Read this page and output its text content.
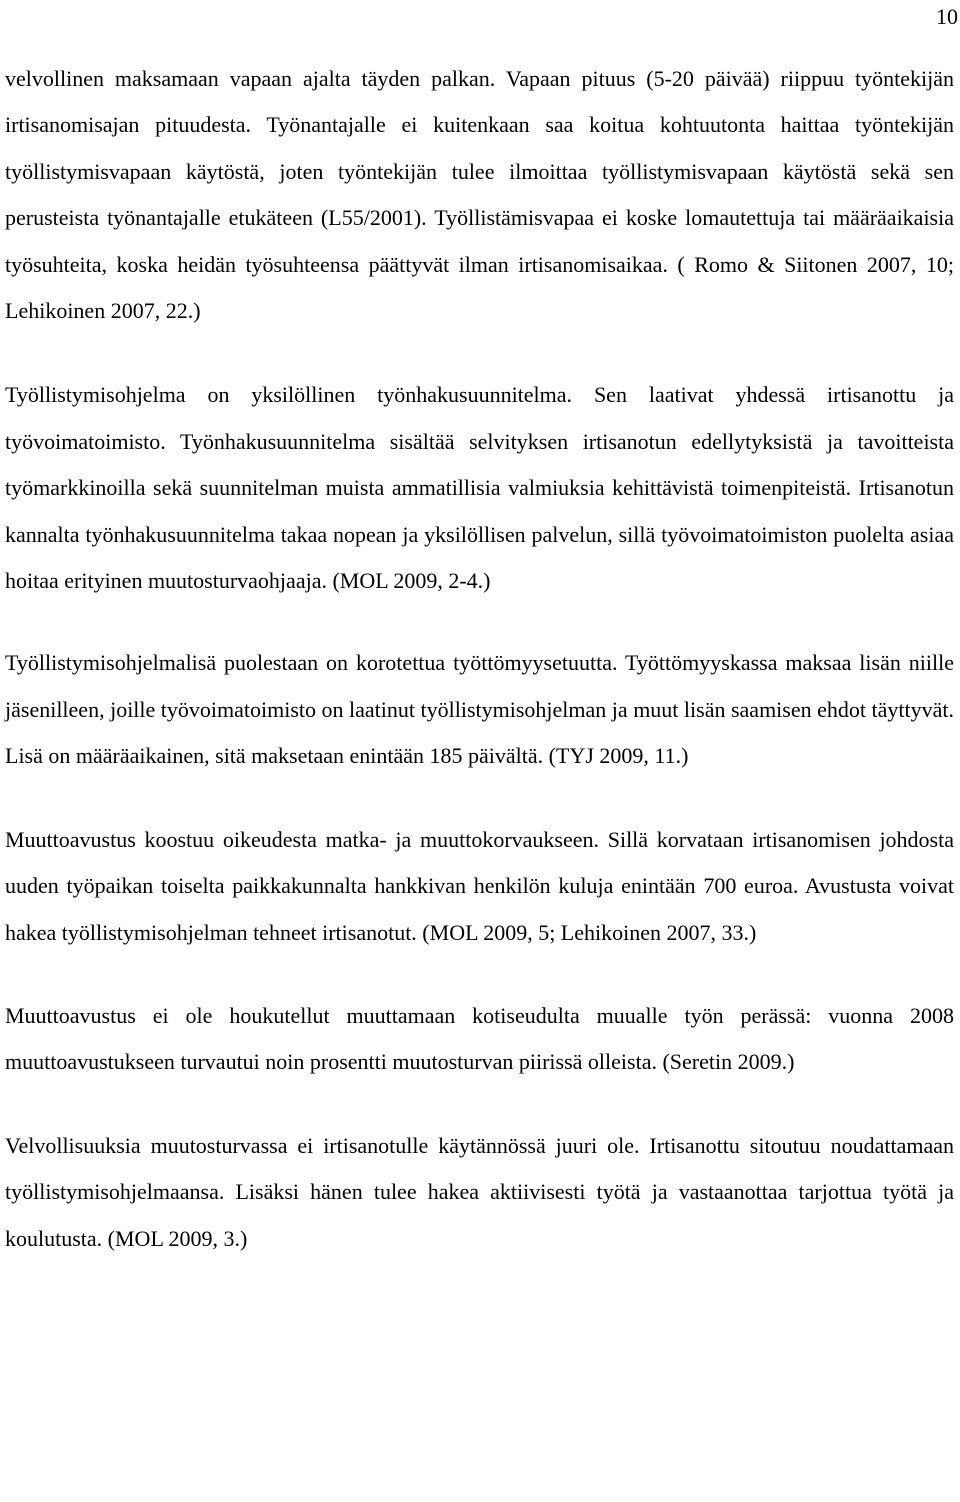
10

velvollinen maksamaan vapaan ajalta täyden palkan. Vapaan pituus (5-20 päivää) riippuu työntekijän irtisanomisajan pituudesta. Työnantajalle ei kuitenkaan saa koitua kohtuutonta haittaa työntekijän työllistymisvapaan käytöstä, joten työntekijän tulee ilmoittaa työllistymisvapaan käytöstä sekä sen perusteista työnantajalle etukäteen (L55/2001). Työllistämisvapaa ei koske lomautettuja tai määräaikaisia työsuhteita, koska heidän työsuhteensa päättyvät ilman irtisanomisaikaa. ( Romo & Siitonen 2007, 10; Lehikoinen 2007, 22.)

Työllistymisohjelma on yksilöllinen työnhakusuunnitelma. Sen laativat yhdessä irtisanottu ja työvoimatoimisto. Työnhakusuunnitelma sisältää selvityksen irtisanotun edellytyksistä ja tavoitteista työmarkkinoilla sekä suunnitelman muista ammatillisia valmiuksia kehittävistä toimenpiteistä. Irtisanotun kannalta työnhakusuunnitelma takaa nopean ja yksilöllisen palvelun, sillä työvoimatoimiston puolelta asiaa hoitaa erityinen muutosturvaohjaaja. (MOL 2009, 2-4.)

Työllistymisohjelmalisä puolestaan on korotettua työttömyysetuutta. Työttömyyskassa maksaa lisän niille jäsenilleen, joille työvoimatoimisto on laatinut työllistymisohjelman ja muut lisän saamisen ehdot täyttyvät. Lisä on määräaikainen, sitä maksetaan enintään 185 päivältä. (TYJ 2009, 11.)

Muuttoavustus koostuu oikeudesta matka- ja muuttokorvaukseen. Sillä korvataan irtisanomisen johdosta uuden työpaikan toiselta paikkakunnalta hankkivan henkilön kuluja enintään 700 euroa. Avustusta voivat hakea työllistymisohjelman tehneet irtisanotut. (MOL 2009, 5; Lehikoinen 2007, 33.)

Muuttoavustus ei ole houkutellut muuttamaan kotiseudulta muualle työn perässä: vuonna 2008 muuttoavustukseen turvautui noin prosentti muutosturvan piirissä olleista. (Seretin 2009.)

Velvollisuuksia muutosturvassa ei irtisanotulle käytännössä juuri ole. Irtisanottu sitoutuu noudattamaan työllistymisohjelmaansa. Lisäksi hänen tulee hakea aktiivisesti työtä ja vastaanottaa tarjottua työtä ja koulutusta. (MOL 2009, 3.)
